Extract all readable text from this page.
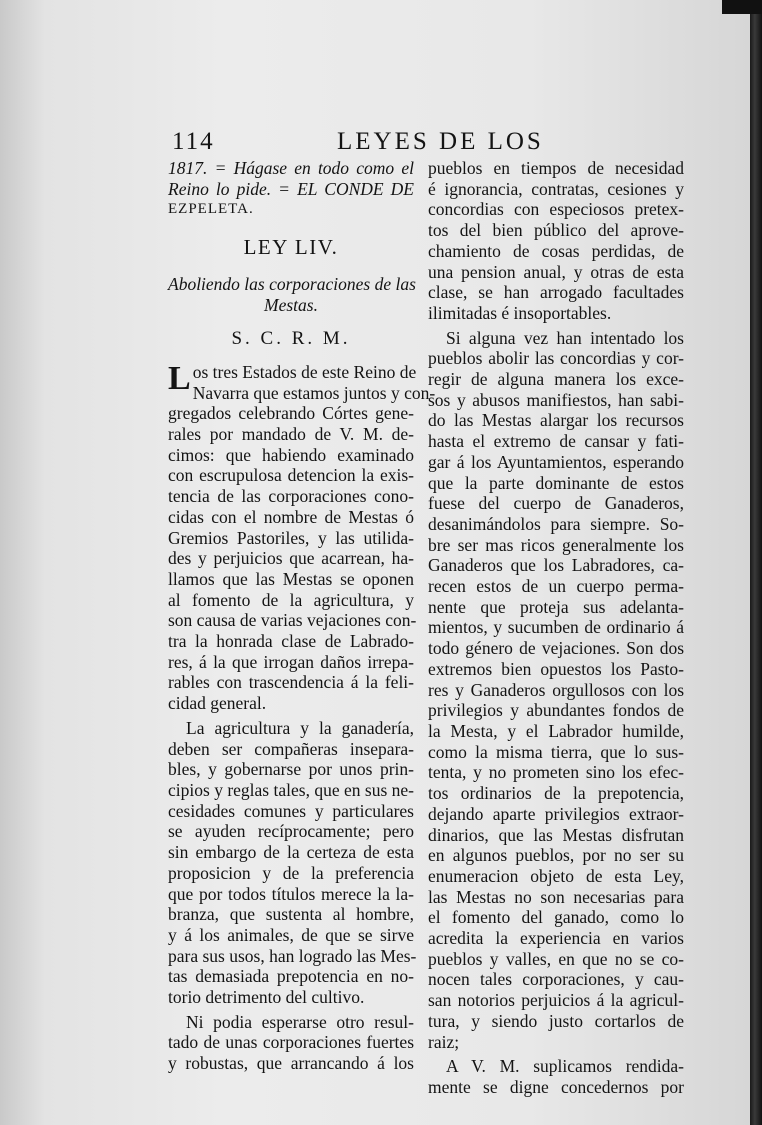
114	LEYES DE LOS

1817. = Hágase en todo como el
Reino lo pide. = EL CONDE DE
EZPELETA.

LEY LIV.
Aboliendo las corporaciones de las
Mestas.
S. C. R. M.

L os tres Estados de este Reino de
Navarra que estamos juntos y con-
gregados celebrando Córtes gene-
rales por mandado de V. M. de-
cimos: que habiendo examinado
con escrupulosa detencion la exis-
tencia de las corporaciones cono-
cidas con el nombre de Mestas ó
Gremios Pastoriles, y las utilida-
des y perjuicios que acarrean, ha-
llamos que las Mestas se oponen
al fomento de la agricultura, y
son causa de varias vejaciones con-
tra la honrada clase de Labrado-
res, á la que irrogan daños irrepa-
rables con trascendencia á la feli-
cidad general.

La agricultura y la ganadería,
deben ser compañeras insepara-
bles, y gobernarse por unos prin-
cipios y reglas tales, que en sus ne-
cesidades comunes y particulares
se ayuden recíprocamente; pero
sin embargo de la certeza de esta
proposicion y de la preferencia
que por todos títulos merece la la-
branza, que sustenta al hombre,
y á los animales, de que se sirve
para sus usos, han logrado las Mes-
tas demasiada prepotencia en no-
torio detrimento del cultivo.

Ni podia esperarse otro resul-
tado de unas corporaciones fuertes
y robustas, que arrancando á los

pueblos en tiempos de necesidad
é ignorancia, contratas, cesiones y
concordias con especiosos pretex-
tos del bien público del aprove-
chamiento de cosas perdidas, de
una pension anual, y otras de esta
clase, se han arrogado facultades
ilimitadas é insoportables.

Si alguna vez han intentado los
pueblos abolir las concordias y cor-
regir de alguna manera los exce-
sos y abusos manifiestos, han sabi-
do las Mestas alargar los recursos
hasta el extremo de cansar y fati-
gar á los Ayuntamientos, esperando
que la parte dominante de estos
fuese del cuerpo de Ganaderos,
desanimándolos para siempre. So-
bre ser mas ricos generalmente los
Ganaderos que los Labradores, ca-
recen estos de un cuerpo perma-
nente que proteja sus adelanta-
mientos, y sucumben de ordinario á
todo género de vejaciones. Son dos
extremos bien opuestos los Pasto-
res y Ganaderos orgullosos con los
privilegios y abundantes fondos de
la Mesta, y el Labrador humilde,
como la misma tierra, que lo sus-
tenta, y no prometen sino los efec-
tos ordinarios de la prepotencia,
dejando aparte privilegios extraor-
dinarios, que las Mestas disfrutan
en algunos pueblos, por no ser su
enumeracion objeto de esta Ley,
las Mestas no son necesarias para
el fomento del ganado, como lo
acredita la experiencia en varios
pueblos y valles, en que no se co-
nocen tales corporaciones, y cau-
san notorios perjuicios á la agricul-
tura, y siendo justo cortarlos de
raiz;

A V. M. suplicamos rendida-
mente se digne concedernos por
